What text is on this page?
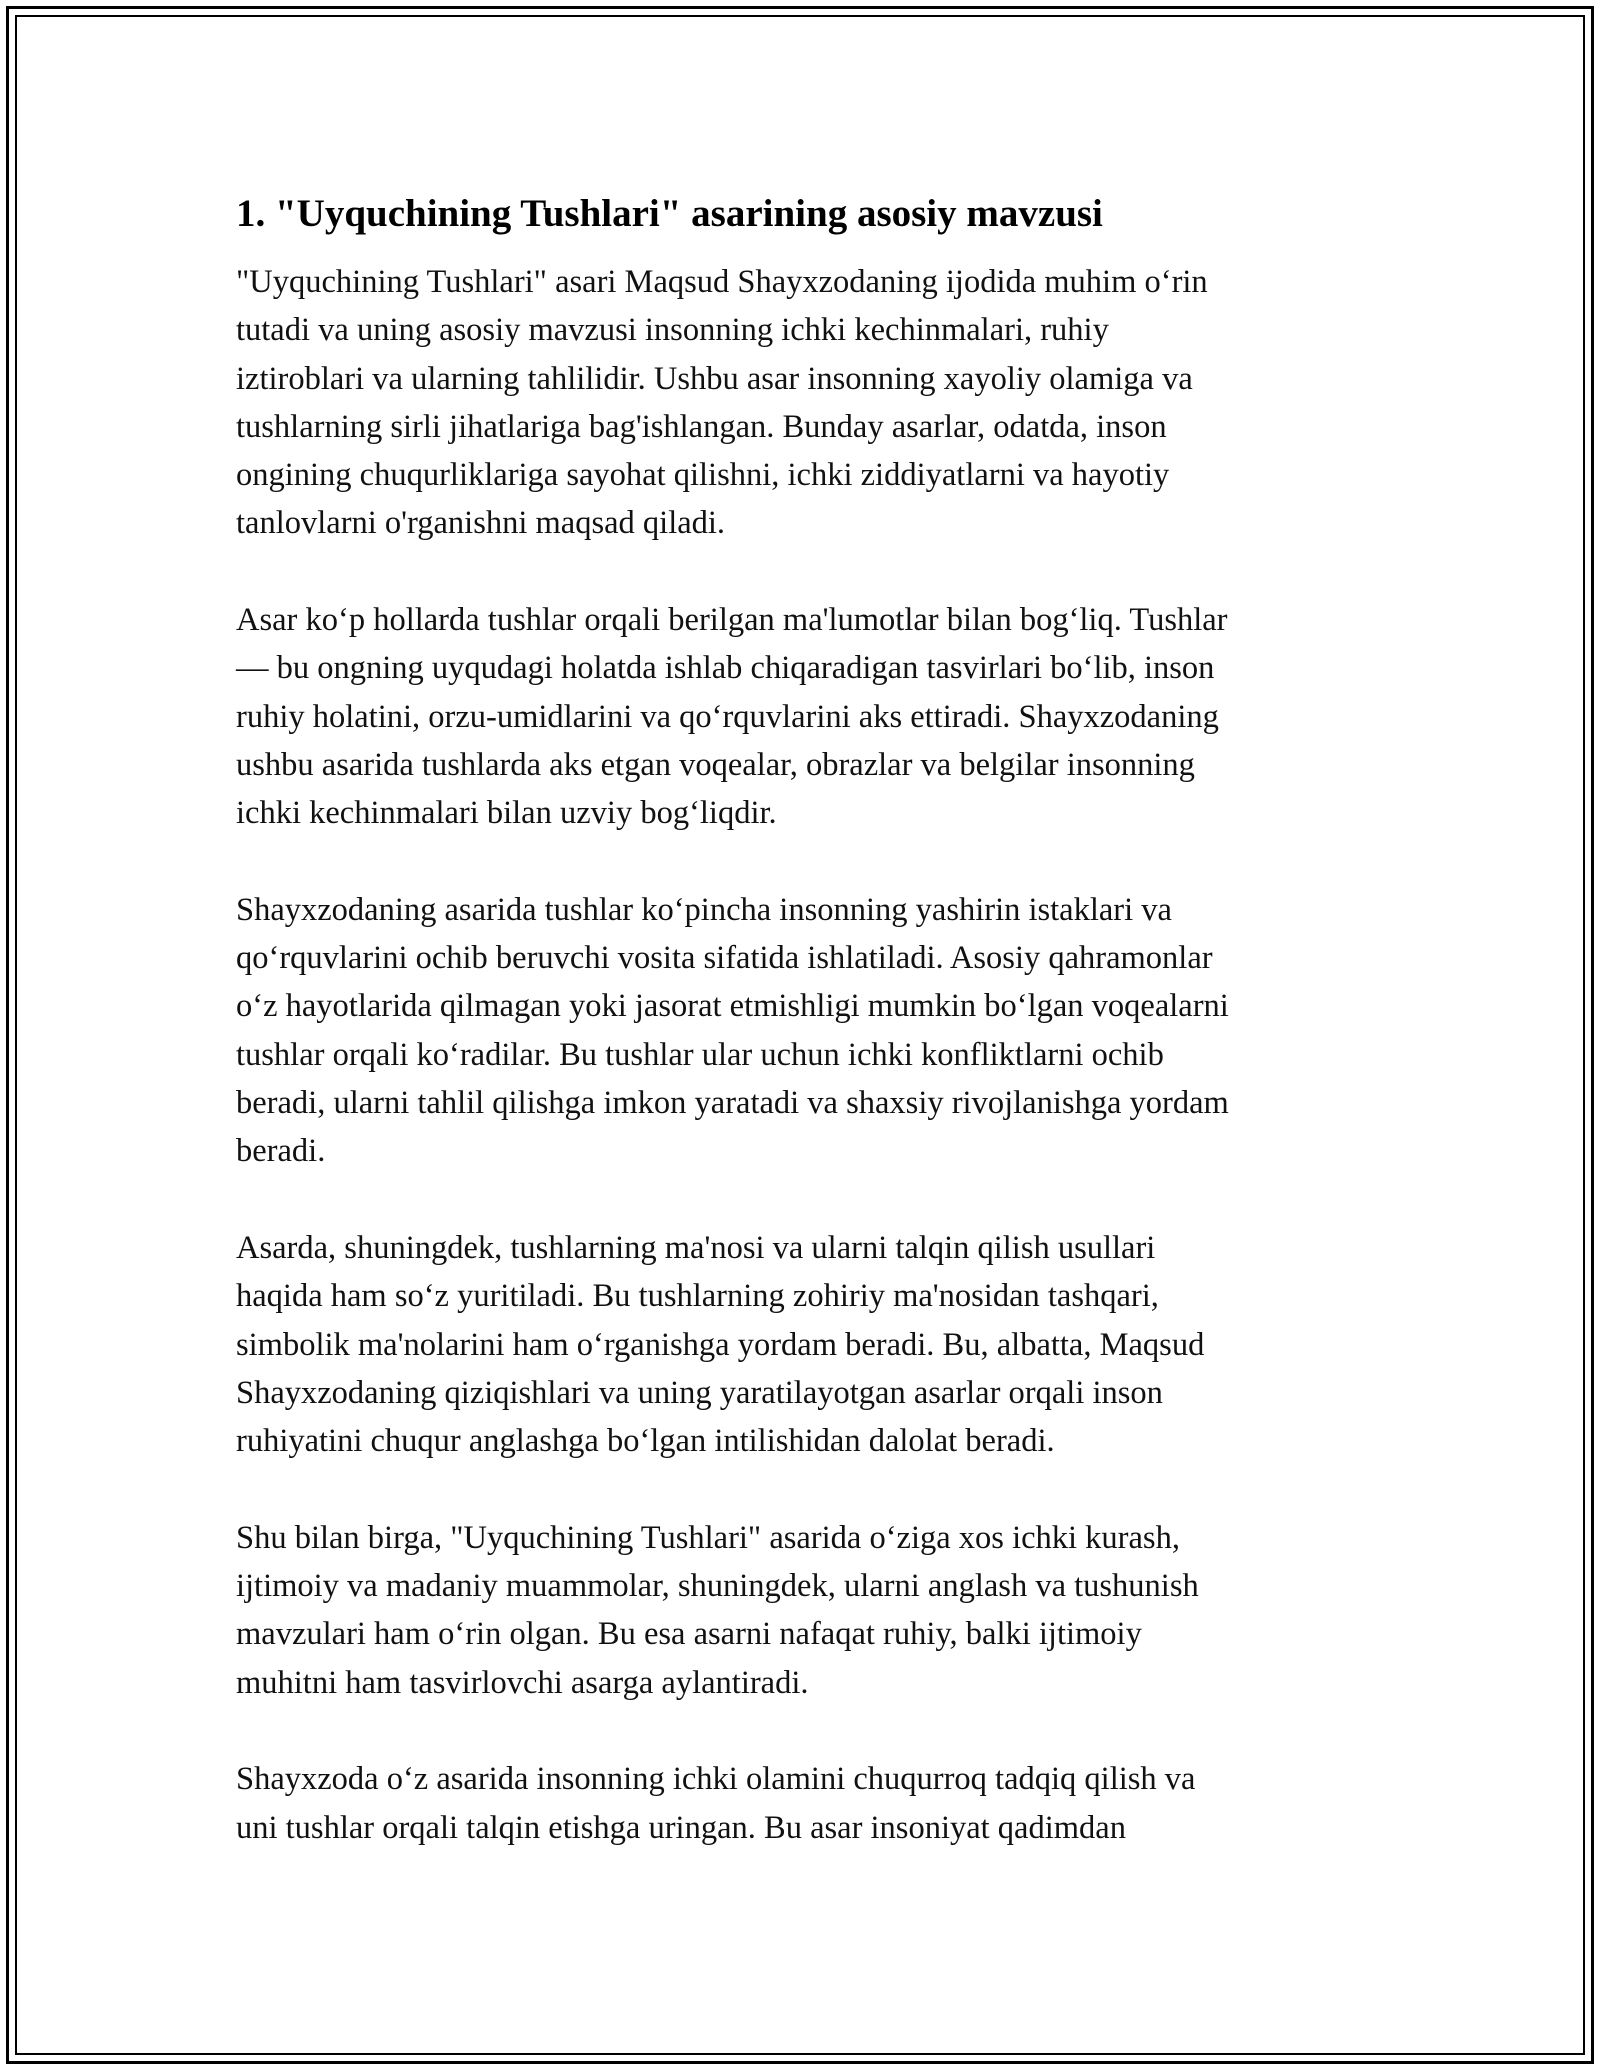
1. "Uyquchining Tushlari" asarining asosiy mavzusi

"Uyquchining Tushlari" asari Maqsud Shayxzodaning ijodida muhim o‘rin
tutadi va uning asosiy mavzusi insonning ichki kechinmalari, ruhiy
iztiroblari va ularning tahlilidir. Ushbu asar insonning xayoliy olamiga va
tushlarning sirli jihatlariga bag'ishlangan. Bunday asarlar, odatda, inson
ongining chuqurliklariga sayohat qilishni, ichki ziddiyatlarni va hayotiy
tanlovlarni o'rganishni maqsad qiladi.

Asar ko‘p hollarda tushlar orqali berilgan ma'lumotlar bilan bog‘liq. Tushlar
— bu ongning uyqudagi holatda ishlab chiqaradigan tasvirlari bo‘lib, inson
ruhiy holatini, orzu-umidlarini va qo‘rquvlarini aks ettiradi. Shayxzodaning
ushbu asarida tushlarda aks etgan voqealar, obrazlar va belgilar insonning
ichki kechinmalari bilan uzviy bog‘liqdir.

Shayxzodaning asarida tushlar ko‘pincha insonning yashirin istaklari va
qo‘rquvlarini ochib beruvchi vosita sifatida ishlatiladi. Asosiy qahramonlar
o‘z hayotlarida qilmagan yoki jasorat etmishligi mumkin bo‘lgan voqealarni
tushlar orqali ko‘radilar. Bu tushlar ular uchun ichki konfliktlarni ochib
beradi, ularni tahlil qilishga imkon yaratadi va shaxsiy rivojlanishga yordam
beradi.

Asarda, shuningdek, tushlarning ma'nosi va ularni talqin qilish usullari
haqida ham so‘z yuritiladi. Bu tushlarning zohiriy ma'nosidan tashqari,
simbolik ma'nolarini ham o‘rganishga yordam beradi. Bu, albatta, Maqsud
Shayxzodaning qiziqishlari va uning yaratilayotgan asarlar orqali inson
ruhiyatini chuqur anglashga bo‘lgan intilishidan dalolat beradi.

Shu bilan birga, "Uyquchining Tushlari" asarida o‘ziga xos ichki kurash,
ijtimoiy va madaniy muammolar, shuningdek, ularni anglash va tushunish
mavzulari ham o‘rin olgan. Bu esa asarni nafaqat ruhiy, balki ijtimoiy
muhitni ham tasvirlovchi asarga aylantiradi.

Shayxzoda o‘z asarida insonning ichki olamini chuqurroq tadqiq qilish va
uni tushlar orqali talqin etishga uringan. Bu asar insoniyat qadimdan
